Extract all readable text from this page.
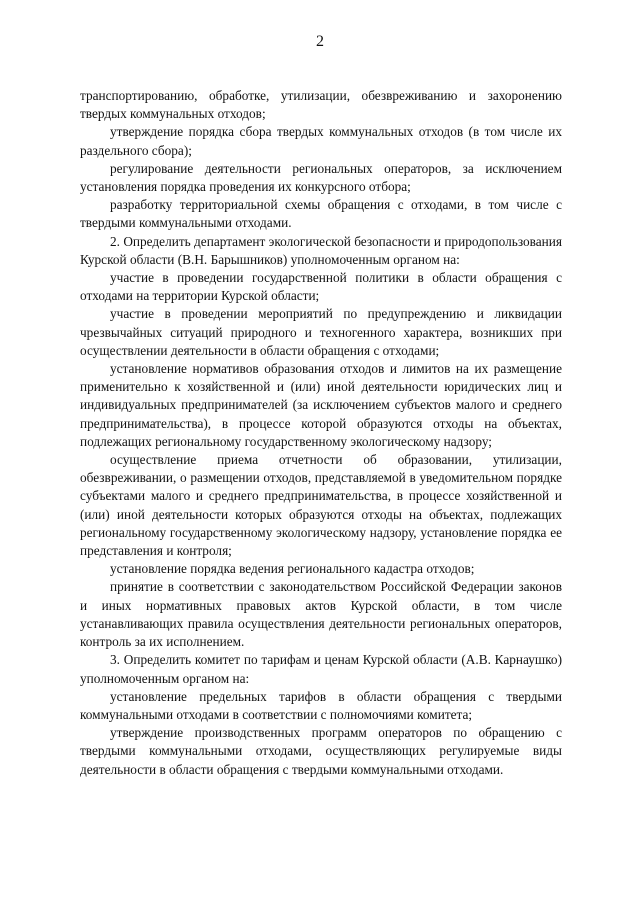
2

транспортированию, обработке, утилизации, обезвреживанию и захоронению твердых коммунальных отходов;

утверждение порядка сбора твердых коммунальных отходов (в том числе их раздельного сбора);

регулирование деятельности региональных операторов, за исключением установления порядка проведения их конкурсного отбора;

разработку территориальной схемы обращения с отходами, в том числе с твердыми коммунальными отходами.

2. Определить департамент экологической безопасности и природопользования Курской области (В.Н. Барышников) уполномоченным органом на:

участие в проведении государственной политики в области обращения с отходами на территории Курской области;

участие в проведении мероприятий по предупреждению и ликвидации чрезвычайных ситуаций природного и техногенного характера, возникших при осуществлении деятельности в области обращения с отходами;

установление нормативов образования отходов и лимитов на их размещение применительно к хозяйственной и (или) иной деятельности юридических лиц и индивидуальных предпринимателей (за исключением субъектов малого и среднего предпринимательства), в процессе которой образуются отходы на объектах, подлежащих региональному государственному экологическому надзору;

осуществление приема отчетности об образовании, утилизации, обезвреживании, о размещении отходов, представляемой в уведомительном порядке субъектами малого и среднего предпринимательства, в процессе хозяйственной и (или) иной деятельности которых образуются отходы на объектах, подлежащих региональному государственному экологическому надзору, установление порядка ее представления и контроля;

установление порядка ведения регионального кадастра отходов;

принятие в соответствии с законодательством Российской Федерации законов и иных нормативных правовых актов Курской области, в том числе устанавливающих правила осуществления деятельности региональных операторов, контроль за их исполнением.

3. Определить комитет по тарифам и ценам Курской области (А.В. Карнаушко) уполномоченным органом на:

установление предельных тарифов в области обращения с твердыми коммунальными отходами в соответствии с полномочиями комитета;

утверждение производственных программ операторов по обращению с твердыми коммунальными отходами, осуществляющих регулируемые виды деятельности в области обращения с твердыми коммунальными отходами.
